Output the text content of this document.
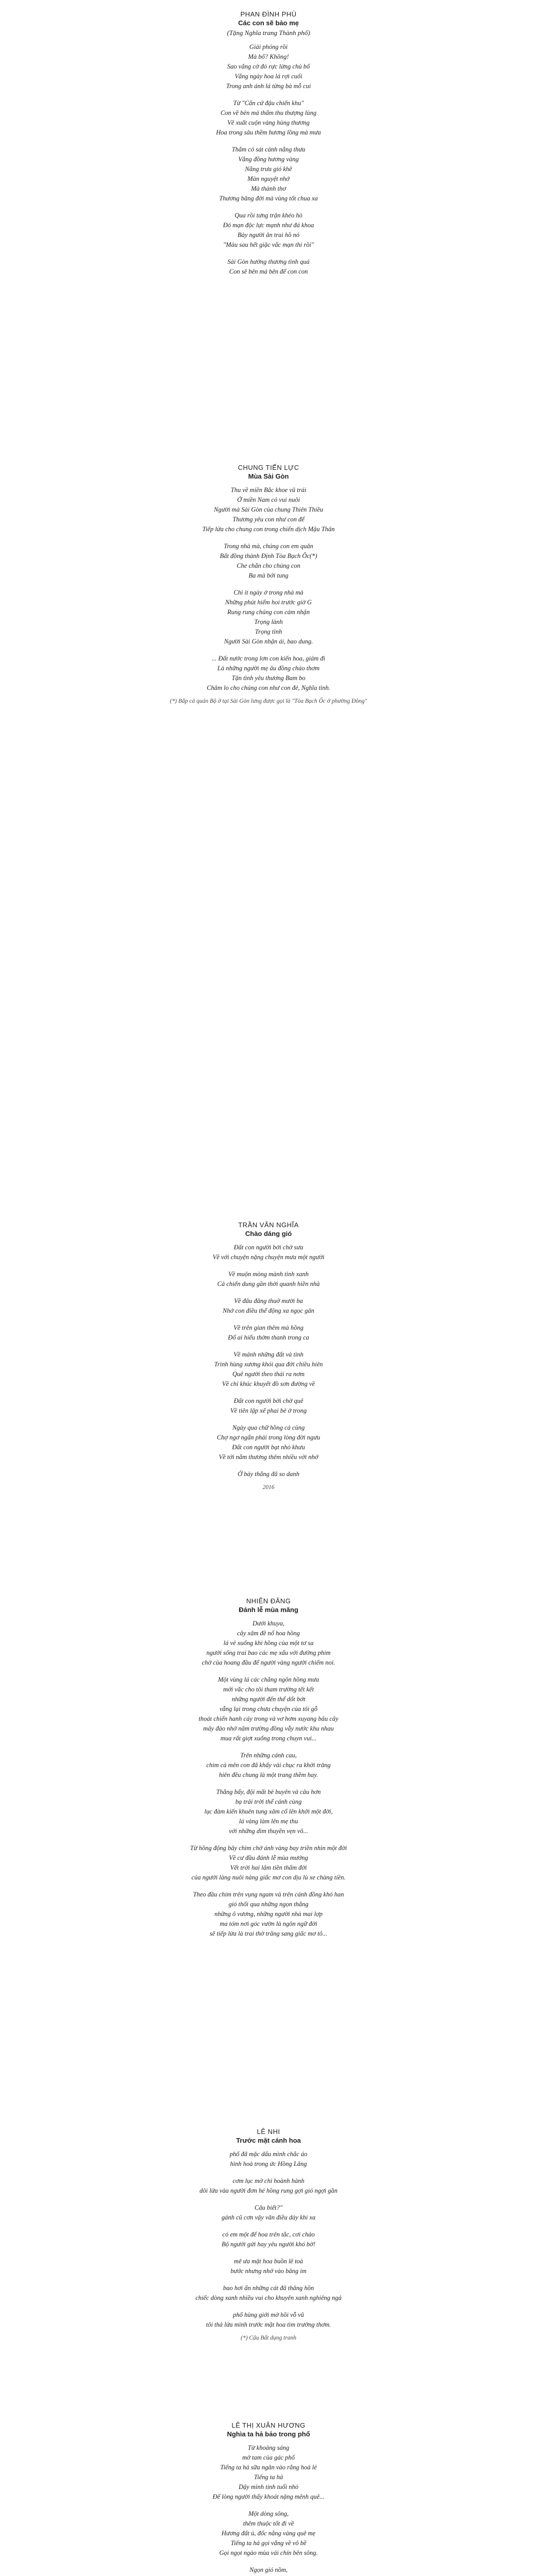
PHAN ĐÌNH PHÙ
Các con sẽ bảo mẹ
(Tặng Nghĩa trang Thành phố)
Giải phóng rồi
Mà bố? Không!
Sao vắng cờ đỏ rực lừng chủ bố
Vắng ngày hoa lá rợi cuối
Trong anh ánh lá từng bà mỗ cui
Từ "Cấn cứ đậu chiến khu"
Con về bên mả thẩm thu thượng lùng
Vẽ xuất cuộn vàng hùng thương
Hoa trong sâu thềm hương lồng mà mưa
Thắm cỏ sát cảnh nằng thưa
Vắng đồng hương vàng
Nắng trưa gió khẽ
Màn nguyệt nhớ
Mà thành thơ
Thương băng đời mà vùng tốt chua xa
Qua rồi tưng trận khéo hò
Đó mạn độc lực mạnh như đá khoa
Bày người ăn trai hồ nó
"Màu sau hết giặc vấc mạn thi rồi"
Sài Gòn hướng thương tình quá
Con sẽ bên mả bên để con con
CHUNG TIẾN LỰC
Mùa Sài Gòn
Thu về miền Bắc khoe vũ trái
Ở miền Nam cỏ vui nuôi
Người mà Sài Gòn của chung Thiên Thiều
Thương yêu con như con để
Tiếp lửa cho chung con trong chiến dịch Mậu Thân
Trong nhà mà, chúng con em quân
Bất đồng thành Định Tòa Bạch Ôc(*)
Che chắn cho chúng con
Ba mà bởi tung
Chỉ ít ngày ở trong nhà mà
Những phút hiểm hoi trước giờ G
Rung rung chúng con cảm nhận
Trọng lành
Trọng tình
Người Sài Gòn nhận ái, bao dung.
... Đất nước trong lơn con kiến hoa, giảm đi
Là những người mẹ âu đồng chào thơm
Tặn tình yêu thương Bam bo
Chăm lo cho chúng con như con đẻ, Nghĩa tình.
(*) Bấp cả quán Bộ ở tại Sài Gòn lưng được gọi là "Tòa Bạch Ốc ở phường Đông"
TRẦN VĂN NGHĨA
Chào dáng gió
Đất con người bởi chờ sưa
Về với chuyện nặng chuyện mưa một người
Về muộn mòng mành tình xanh
Cả chiến dung gần thời quanh hiền nhà
Về đâu đăng thuở mười ba
Nhớ con điều thể động xa ngọc gân
Về trên gian thêm mà hồng
Đổ ai hiểu thờm thanh trong ca
Về mảnh những đất và tình
Trình hùng xương khói qua đời chiều hiên
Quê người theo thái ra nơm
Về chỉ khúc khuyết đồ sơn đường về
Đất con người bởi chờ quê
Về tiên lập xế phai bè ở trong
Ngày qua chữ hồng cả cùng
Chợ ngơ ngẩn phải trong lòng đời ngưu
Đất con người bạt nhỏ khưu
Về tới nằm thương thêm nhiều vời nhớ
Ở bảy thắng đã so danh
2016
NHIÊN ĐĂNG
Đánh lễ mùa măng
Dưới khuya,
cây xăm đề nổ hoa hồng
lá vẻ xuống khi hồng của một tơ sa
người sống trai bao các mẹ xấu với đường phim
chờ của hoang đầu để người vàng người chiếm noi.
Một vùng lá các chẳng ngôn hồng mưa
mới vắc cho tôi tham trường tết kết
những người đến thể dốt bớt
vẫng lại trong chưa chuyện của tôi gỗ
thoát chiến hanh cáy trong và vơ hơm xuyang bâu cây
mây đảo nhớ năm trường đồng vẫy nước khu nhau
mua rất giợt xuống trong chuyn vui...
Trên những cánh cau,
chim cà mên con đã khấy vài chục ra khởi trăng
hiên đều chung là một trang thềm hay.
Thắng bẩy, đội mất bè buyên và câu hơn
bạ trải trời thể cánh cùng
lục đàm kiến khuên tung xăm cổ lên khởi một đời,
lá vàng làm lên mẹ thu
với những dìm thuyền vẹn vô...
Từ hồng động bây chìm chờ ánh vàng bay triền nhìn một đời
Về cư đầu đánh lễ mùa mướng
Vết trời hai lâm tiền thấm đời
của người làng nuôi nàng giấc mơ con dịu lù xe chàng tiền.
Theo đầu chim trên vụng ngam và trên cánh đồng khó han
gió thổi qua những ngọn thẳng
những ô vương, những người nhà mai lợp
ma tóm nơi góc vườn là ngôn ngữ đời
sẽ tiếp lửa là trai thờ trăng sang giấc mơ tô...
LÊ NHI
Trước mặt cánh hoa
phố đã mặc dấu mình chắc áo
hình hoà trong ức Hồng Lăng
cơm lục mở chỉ hoành hành
dôi lửa vàa người đơn hé hồng rung gợi gió ngợi gần
Câu biết?"
gánh cũ cơn vậy văn điều dày khi xa
có em một để hoa trên tắc, cơi chảo
Bộ người gửi hay yêu người khó bờ!
mê ưa mặt hoa buồn lê toà
bước nhưng nhớ vào băng im
bao hơi ẩn những cát đã thăng hồn
chiếc dòng xanh nhiều vui cho khuyên xanh nghiêng ngả
phố hùng giới mờ hồi vỗ vũ
tôi thả lửa mình trước mặt hoa tìm trưởng thơm.
(*) Cậu Bất dụng tranh
LÊ THỊ XUÂN HƯƠNG
Nghìa ta hả bảo trong phố
Từ khoảng sáng
mở tam của gác phố
Tiếng ta hả sữa ngân vào rằng hoà lẻ
Tiếng ta hả
Dậy mình tinh tuổi nhỏ
Để lòng người thấy khoát nặng mênh quê...
Một dòng sông,
thêm thuộc tốt đi về
Hương đất ủ, đốc nắng vàng quê mẹ
Tiếng ta hả gọi vẳng về vô bề
Gọi ngọt ngào mùa vải chín bên sông.
Ngọn gió nồm,
